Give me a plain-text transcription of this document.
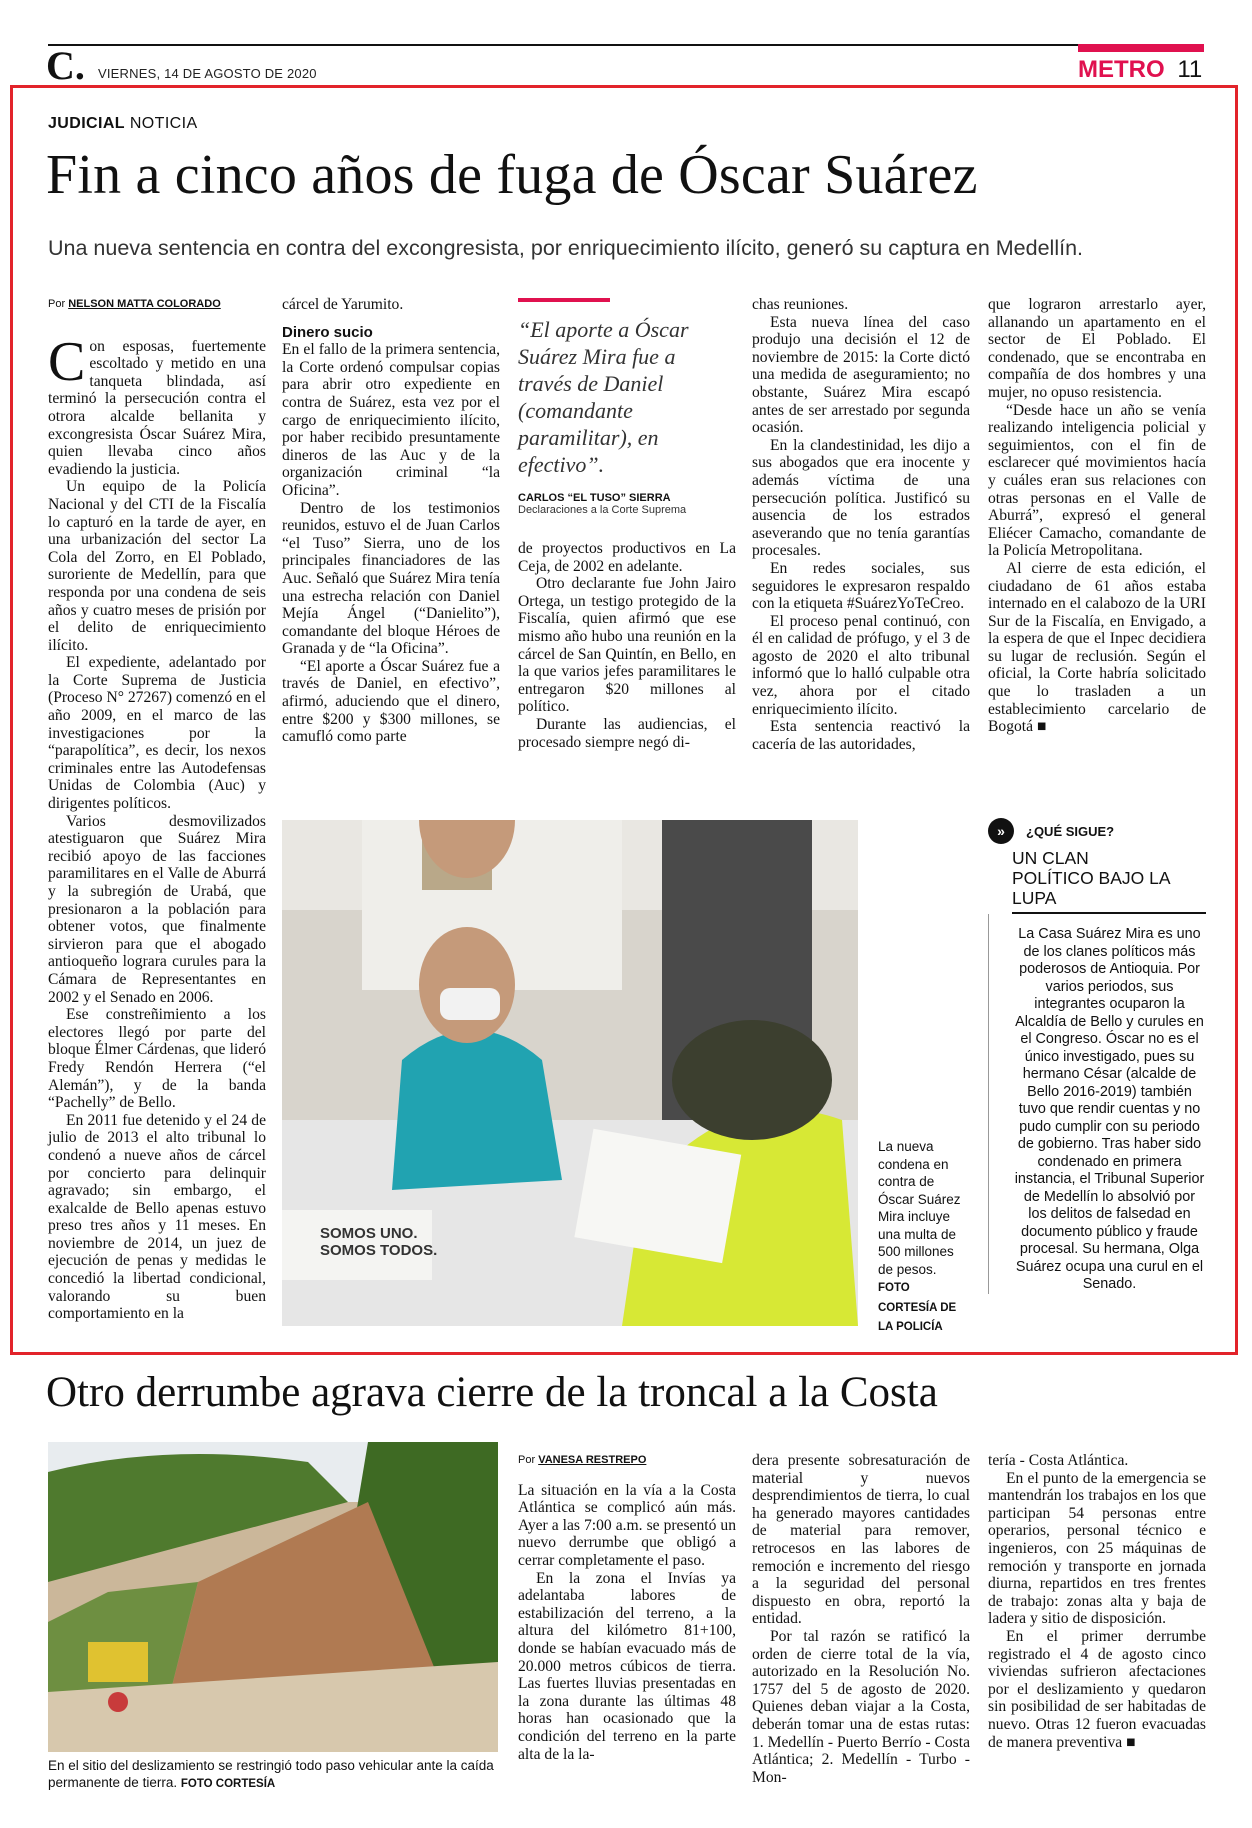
C. VIERNES, 14 DE AGOSTO DE 2020	METRO 11
JUDICIAL NOTICIA
Fin a cinco años de fuga de Óscar Suárez
Una nueva sentencia en contra del excongresista, por enriquecimiento ilícito, generó su captura en Medellín.
Por NELSON MATTA COLORADO
C on esposas, fuertemente escoltado y metido en una tanqueta blindada, así terminó la persecución contra el otrora alcalde bellanita y excongresista Óscar Suárez Mira, quien llevaba cinco años evadiendo la justicia.

Un equipo de la Policía Nacional y del CTI de la Fiscalía lo capturó en la tarde de ayer, en una urbanización del sector La Cola del Zorro, en El Poblado, suroriente de Medellín, para que responda por una condena de seis años y cuatro meses de prisión por el delito de enriquecimiento ilícito.

El expediente, adelantado por la Corte Suprema de Justicia (Proceso N° 27267) comenzó en el año 2009, en el marco de las investigaciones por la “parapolítica”, es decir, los nexos criminales entre las Autodefensas Unidas de Colombia (Auc) y dirigentes políticos.

Varios desmovilizados atestiguaron que Suárez Mira recibió apoyo de las facciones paramilitares en el Valle de Aburrá y la subregión de Urabá, que presionaron a la población para obtener votos, que finalmente sirvieron para que el abogado antioqueño lograra curules para la Cámara de Representantes en 2002 y el Senado en 2006.

Ese constreñimiento a los electores llegó por parte del bloque Élmer Cárdenas, que lideró Fredy Rendón Herrera (“el Alemán”), y de la banda “Pachelly” de Bello.

En 2011 fue detenido y el 24 de julio de 2013 el alto tribunal lo condenó a nueve años de cárcel por concierto para delinquir agravado; sin embargo, el exalcalde de Bello apenas estuvo preso tres años y 11 meses. En noviembre de 2014, un juez de ejecución de penas y medidas le concedió la libertad condicional, valorando su buen comportamiento en la

cárcel de Yarumito.

Dinero sucio

En el fallo de la primera sentencia, la Corte ordenó compulsar copias para abrir otro expediente en contra de Suárez, esta vez por el cargo de enriquecimiento ilícito, por haber recibido presuntamente dineros de las Auc y de la organización criminal “la Oficina”.

Dentro de los testimonios reunidos, estuvo el de Juan Carlos “el Tuso” Sierra, uno de los principales financiadores de las Auc. Señaló que Suárez Mira tenía una estrecha relación con Daniel Mejía Ángel (“Danielito”), comandante del bloque Héroes de Granada y de “la Oficina”.

“El aporte a Óscar Suárez fue a través de Daniel, en efectivo”, afirmó, aduciendo que el dinero, entre $200 y $300 millones, se camufló como parte

“El aporte a Óscar Suárez Mira fue a través de Daniel (comandante paramilitar), en efectivo”.
CARLOS “EL TUSO” SIERRA
Declaraciones a la Corte Suprema

de proyectos productivos en La Ceja, de 2002 en adelante.

Otro declarante fue John Jairo Ortega, un testigo protegido de la Fiscalía, quien afirmó que ese mismo año hubo una reunión en la cárcel de San Quintín, en Bello, en la que varios jefes paramilitares le entregaron $20 millones al político.

Durante las audiencias, el procesado siempre negó di-

chas reuniones.

Esta nueva línea del caso produjo una decisión el 12 de noviembre de 2015: la Corte dictó una medida de aseguramiento; no obstante, Suárez Mira escapó antes de ser arrestado por segunda ocasión.

En la clandestinidad, les dijo a sus abogados que era inocente y además víctima de una persecución política. Justificó su ausencia de los estrados aseverando que no tenía garantías procesales.

En redes sociales, sus seguidores le expresaron respaldo con la etiqueta #SuárezYoTeCreo.

El proceso penal continuó, con él en calidad de prófugo, y el 3 de agosto de 2020 el alto tribunal informó que lo halló culpable otra vez, ahora por el citado enriquecimiento ilícito.

Esta sentencia reactivó la cacería de las autoridades,

que lograron arrestarlo ayer, allanando un apartamento en el sector de El Poblado. El condenado, que se encontraba en compañía de dos hombres y una mujer, no opuso resistencia.

“Desde hace un año se venía realizando inteligencia policial y seguimientos, con el fin de esclarecer qué movimientos hacía y cuáles eran sus relaciones con otras personas en el Valle de Aburrá”, expresó el general Eliécer Camacho, comandante de la Policía Metropolitana.

Al cierre de esta edición, el ciudadano de 61 años estaba internado en el calabozo de la URI Sur de la Fiscalía, en Envigado, a la espera de que el Inpec decidiera su lugar de reclusión. Según el oficial, la Corte habría solicitado que lo trasladen a un establecimiento carcelario de Bogotá ■

SOMOS UNO.
SOMOS TODOS.
La nueva condena en contra de Óscar Suárez Mira incluye una multa de 500 millones de pesos. FOTO CORTESÍA DE LA POLICÍA
»	¿QUÉ SIGUE?
UN CLAN POLÍTICO BAJO LA LUPA
La Casa Suárez Mira es uno de los clanes políticos más poderosos de Antioquia. Por varios periodos, sus integrantes ocuparon la Alcaldía de Bello y curules en el Congreso. Óscar no es el único investigado, pues su hermano César (alcalde de Bello 2016-2019) también tuvo que rendir cuentas y no pudo cumplir con su periodo de gobierno. Tras haber sido condenado en primera instancia, el Tribunal Superior de Medellín lo absolvió por los delitos de falsedad en documento público y fraude procesal. Su hermana, Olga Suárez ocupa una curul en el Senado.
Otro derrumbe agrava cierre de la troncal a la Costa
En el sitio del deslizamiento se restringió todo paso vehicular ante la caída permanente de tierra. FOTO CORTESÍA
Por VANESA RESTREPO

La situación en la vía a la Costa Atlántica se complicó aún más. Ayer a las 7:00 a.m. se presentó un nuevo derrumbe que obligó a cerrar completamente el paso.

En la zona el Invías ya adelantaba labores de estabilización del terreno, a la altura del kilómetro 81+100, donde se habían evacuado más de 20.000 metros cúbicos de tierra. Las fuertes lluvias presentadas en la zona durante las últimas 48 horas han ocasionado que la condición del terreno en la parte alta de la la-

dera presente sobresaturación de material y nuevos desprendimientos de tierra, lo cual ha generado mayores cantidades de material para remover, retrocesos en las labores de remoción e incremento del riesgo a la seguridad del personal dispuesto en obra, reportó la entidad.

Por tal razón se ratificó la orden de cierre total de la vía, autorizado en la Resolución No. 1757 del 5 de agosto de 2020. Quienes deban viajar a la Costa, deberán tomar una de estas rutas: 1. Medellín - Puerto Berrío - Costa Atlántica; 2. Medellín - Turbo - Mon-

tería - Costa Atlántica.

En el punto de la emergencia se mantendrán los trabajos en los que participan 54 personas entre operarios, personal técnico e ingenieros, con 25 máquinas de remoción y transporte en jornada diurna, repartidos en tres frentes de trabajo: zonas alta y baja de ladera y sitio de disposición.

En el primer derrumbe registrado el 4 de agosto cinco viviendas sufrieron afectaciones por el deslizamiento y quedaron sin posibilidad de ser habitadas de nuevo. Otras 12 fueron evacuadas de manera preventiva ■
